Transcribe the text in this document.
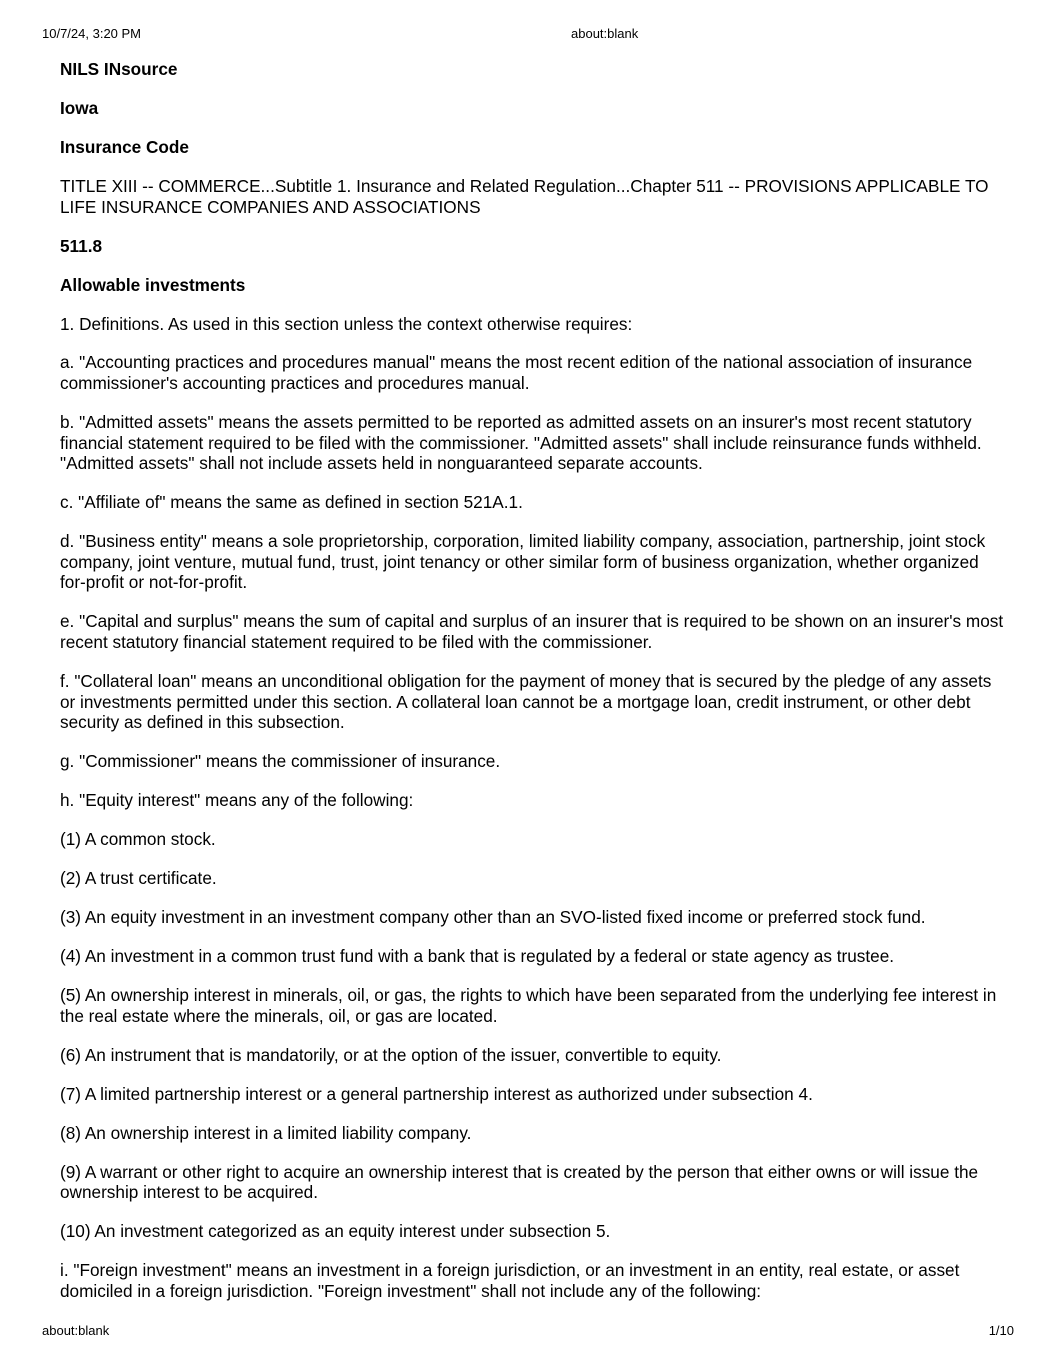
10/7/24, 3:20 PM	about:blank

NILS INsource

Iowa

Insurance Code

TITLE XIII -- COMMERCE...Subtitle 1. Insurance and Related Regulation...Chapter 511 -- PROVISIONS APPLICABLE TO LIFE INSURANCE COMPANIES AND ASSOCIATIONS

511.8

Allowable investments

1. Definitions. As used in this section unless the context otherwise requires:

a. "Accounting practices and procedures manual" means the most recent edition of the national association of insurance commissioner's accounting practices and procedures manual.

b. "Admitted assets" means the assets permitted to be reported as admitted assets on an insurer's most recent statutory financial statement required to be filed with the commissioner. "Admitted assets" shall include reinsurance funds withheld. "Admitted assets" shall not include assets held in nonguaranteed separate accounts.

c. "Affiliate of" means the same as defined in section 521A.1.

d. "Business entity" means a sole proprietorship, corporation, limited liability company, association, partnership, joint stock company, joint venture, mutual fund, trust, joint tenancy or other similar form of business organization, whether organized for-profit or not-for-profit.

e. "Capital and surplus" means the sum of capital and surplus of an insurer that is required to be shown on an insurer's most recent statutory financial statement required to be filed with the commissioner.

f. "Collateral loan" means an unconditional obligation for the payment of money that is secured by the pledge of any assets or investments permitted under this section. A collateral loan cannot be a mortgage loan, credit instrument, or other debt security as defined in this subsection.

g. "Commissioner" means the commissioner of insurance.

h. "Equity interest" means any of the following:

(1) A common stock.

(2) A trust certificate.

(3) An equity investment in an investment company other than an SVO-listed fixed income or preferred stock fund.

(4) An investment in a common trust fund with a bank that is regulated by a federal or state agency as trustee.

(5) An ownership interest in minerals, oil, or gas, the rights to which have been separated from the underlying fee interest in the real estate where the minerals, oil, or gas are located.

(6) An instrument that is mandatorily, or at the option of the issuer, convertible to equity.

(7) A limited partnership interest or a general partnership interest as authorized under subsection 4.

(8) An ownership interest in a limited liability company.

(9) A warrant or other right to acquire an ownership interest that is created by the person that either owns or will issue the ownership interest to be acquired.

(10) An investment categorized as an equity interest under subsection 5.

i. "Foreign investment" means an investment in a foreign jurisdiction, or an investment in an entity, real estate, or asset domiciled in a foreign jurisdiction. "Foreign investment" shall not include any of the following:

about:blank	1/10
